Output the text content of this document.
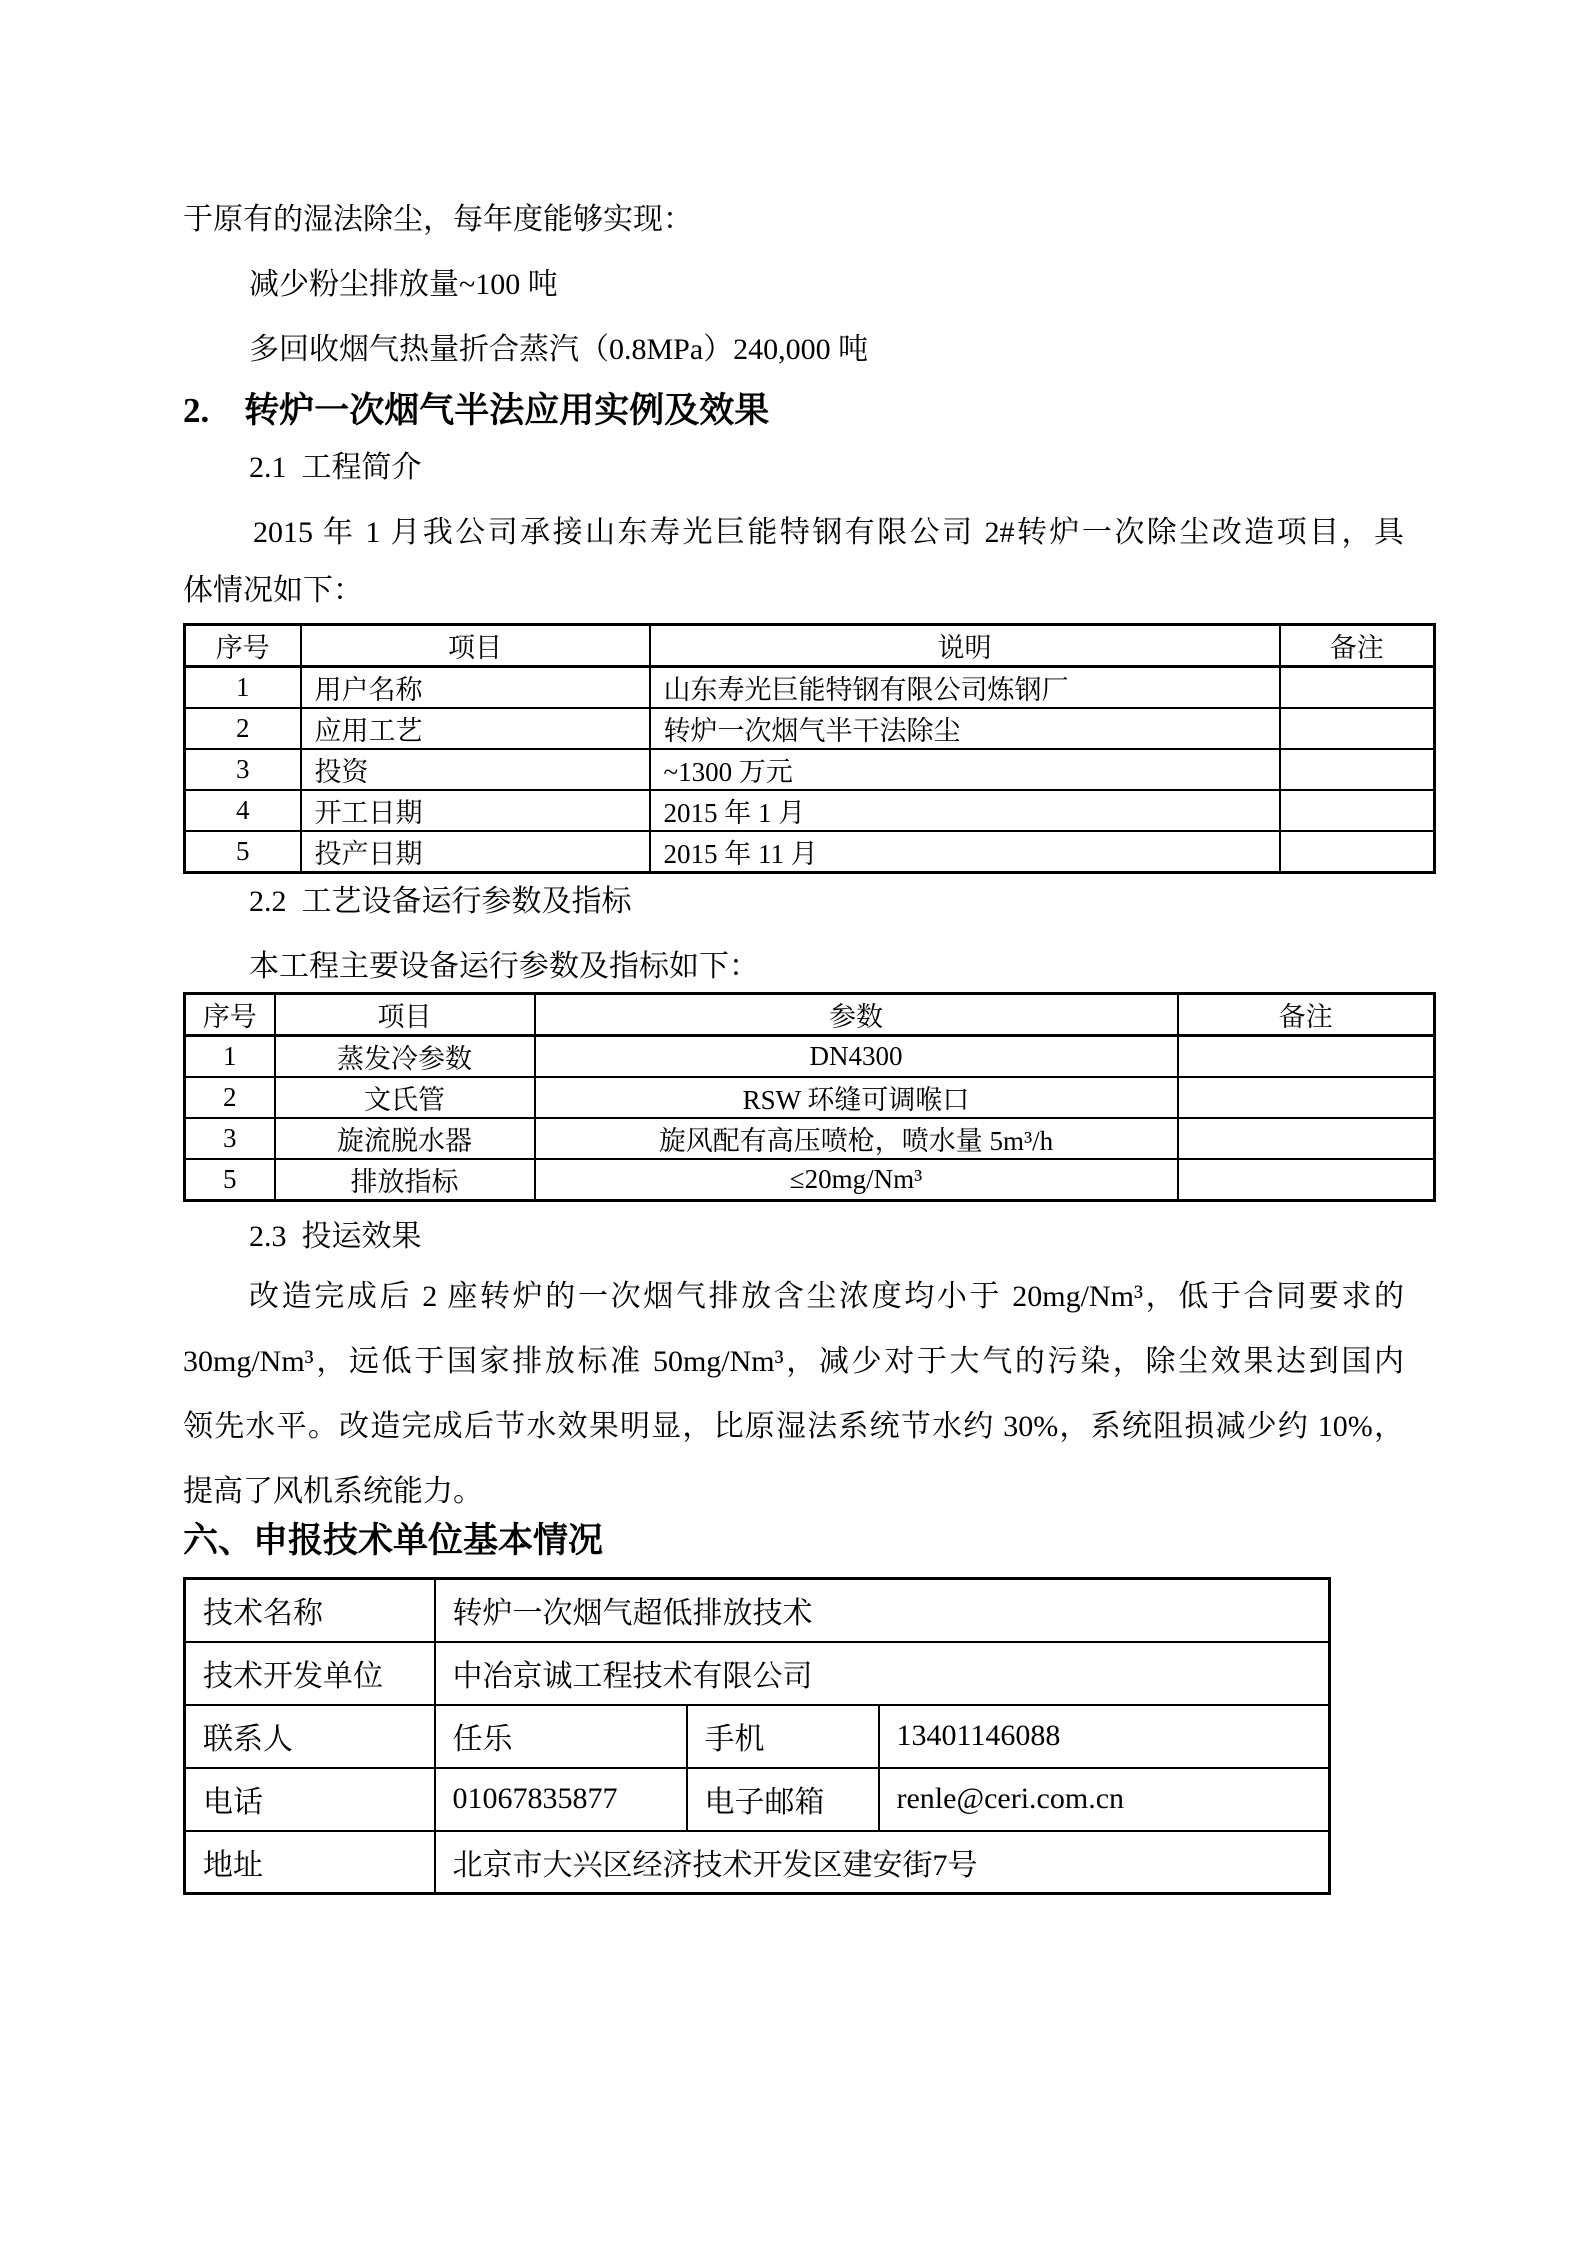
于原有的湿法除尘，每年度能够实现：
减少粉尘排放量~100 吨
多回收烟气热量折合蒸汽（0.8MPa）240,000 吨
2.　转炉一次烟气半法应用实例及效果
2.1  工程简介
2015 年 1 月我公司承接山东寿光巨能特钢有限公司 2#转炉一次除尘改造项目，具
体情况如下：
序号	项目	说明	备注
1	用户名称	山东寿光巨能特钢有限公司炼钢厂	
2	应用工艺	转炉一次烟气半干法除尘	
3	投资	~1300 万元	
4	开工日期	2015 年 1 月	
5	投产日期	2015 年 11 月	
2.2  工艺设备运行参数及指标
本工程主要设备运行参数及指标如下：
序号	项目	参数	备注
1	蒸发冷参数	DN4300	
2	文氏管	RSW 环缝可调喉口	
3	旋流脱水器	旋风配有高压喷枪，喷水量 5m³/h	
5	排放指标	≤20mg/Nm³	
2.3  投运效果
改造完成后 2 座转炉的一次烟气排放含尘浓度均小于 20mg/Nm³，低于合同要求的
30mg/Nm³，远低于国家排放标准 50mg/Nm³，减少对于大气的污染，除尘效果达到国内
领先水平。改造完成后节水效果明显，比原湿法系统节水约 30%，系统阻损减少约 10%，
提高了风机系统能力。
六、申报技术单位基本情况
技术名称	转炉一次烟气超低排放技术		
技术开发单位	中冶京诚工程技术有限公司		
联系人	任乐	手机	13401146088
电话	01067835877	电子邮箱	renle@ceri.com.cn
地址	北京市大兴区经济技术开发区建安街7号		
